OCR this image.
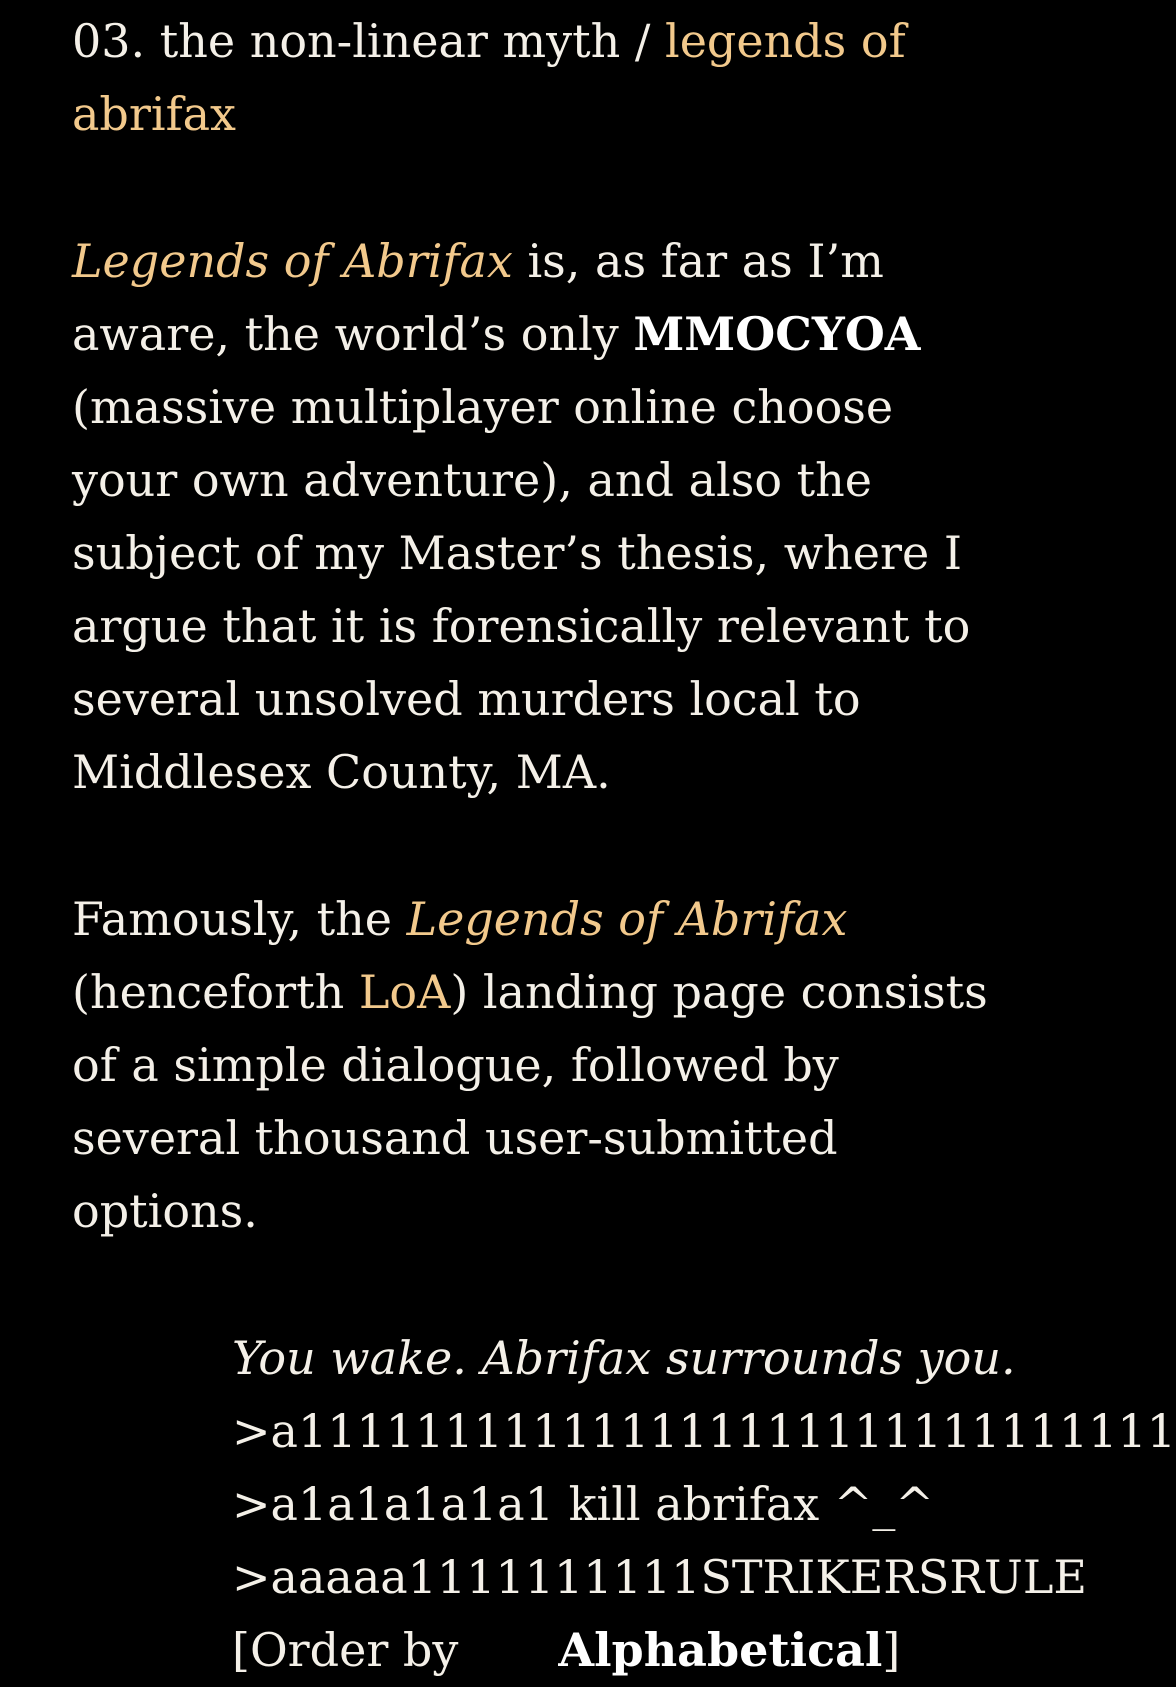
03. the non-linear myth / legends of abrifax

Legends of Abrifax is, as far as I’m aware, the world’s only MMOCYOA (massive multiplayer online choose your own adventure), and also the subject of my Master’s thesis, where I argue that it is forensically relevant to several unsolved murders local to Middlesex County, MA.

Famously, the Legends of Abrifax (henceforth LoA) landing page consists of a simple dialogue, followed by several thousand user-submitted options.

You wake. Abrifax surrounds you.
>a111111111111111111111111111111
>a1a1a1a1a1 kill abrifax ^_^
>aaaaa1111111111STRIKERSRULE
[Order by Alphabetical]
